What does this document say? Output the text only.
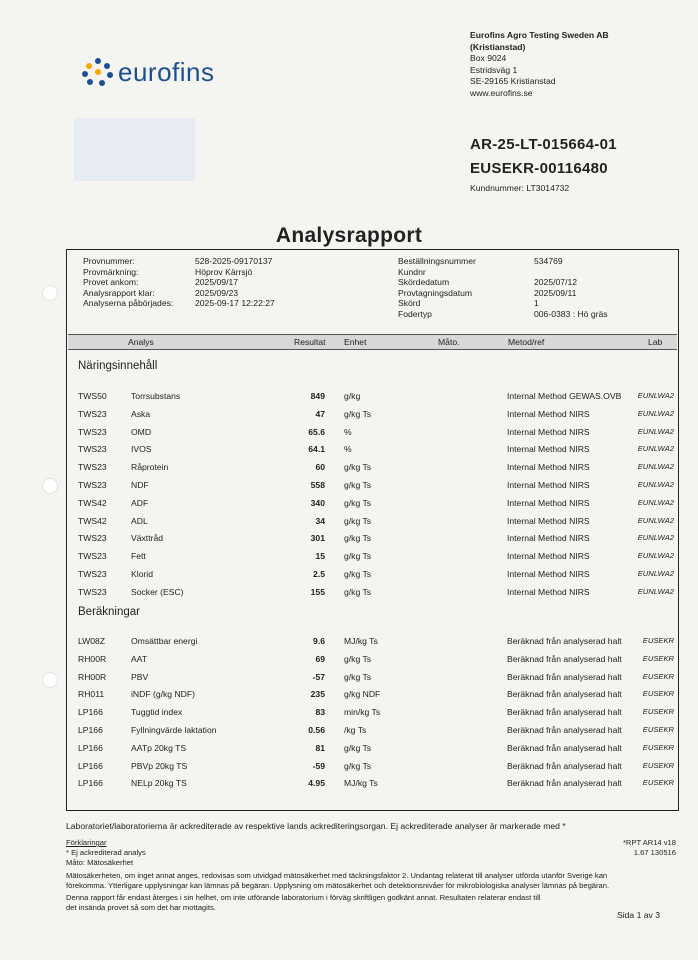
eurofins
Eurofins Agro Testing Sweden AB
(Kristianstad)
Box 9024
Estridsväg 1
SE-29165 Kristianstad
www.eurofins.se
AR-25-LT-015664-01
EUSEKR-00116480
Kundnummer: LT3014732
Analysrapport
Provnummer:	528-2025-09170137
Provmärkning:	Höprov Kärrsjö
Provet ankom:	2025/09/17
Analysrapport klar:	2025/09/23
Analyserna påbörjades:	2025-09-17 12:22:27
Beställningsnummer	534769
Kundnr
Skördedatum	2025/07/12
Provtagningsdatum	2025/09/11
Skörd	1
Fodertyp	006-0383 : Hö gräs
Analys	Resultat Enhet	Måto.	Metod/ref	Lab
Näringsinnehåll
TWS50	Torrsubstans	849 g/kg	Internal Method GEWAS.OVB	EUNLWA2
TWS23	Aska	47 g/kg Ts	Internal Method NIRS	EUNLWA2
TWS23	OMD	65.6 %	Internal Method NIRS	EUNLWA2
TWS23	IVOS	64.1 %	Internal Method NIRS	EUNLWA2
TWS23	Råprotein	60 g/kg Ts	Internal Method NIRS	EUNLWA2
TWS23	NDF	558 g/kg Ts	Internal Method NIRS	EUNLWA2
TWS42	ADF	340 g/kg Ts	Internal Method NIRS	EUNLWA2
TWS42	ADL	34 g/kg Ts	Internal Method NIRS	EUNLWA2
TWS23	Växttråd	301 g/kg Ts	Internal Method NIRS	EUNLWA2
TWS23	Fett	15 g/kg Ts	Internal Method NIRS	EUNLWA2
TWS23	Klorid	2.5 g/kg Ts	Internal Method NIRS	EUNLWA2
TWS23	Socker (ESC)	155 g/kg Ts	Internal Method NIRS	EUNLWA2
Beräkningar
LW08Z	Omsättbar energi	9.6 MJ/kg Ts	Beräknad från analyserad halt	EUSEKR
RH00R	AAT	69 g/kg Ts	Beräknad från analyserad halt	EUSEKR
RH00R	PBV	-57 g/kg Ts	Beräknad från analyserad halt	EUSEKR
RH011	iNDF (g/kg NDF)	235 g/kg NDF	Beräknad från analyserad halt	EUSEKR
LP166	Tuggtid index	83 min/kg Ts	Beräknad från analyserad halt	EUSEKR
LP166	Fyllningvärde laktation	0.56 /kg Ts	Beräknad från analyserad halt	EUSEKR
LP166	AATp 20kg TS	81 g/kg Ts	Beräknad från analyserad halt	EUSEKR
LP166	PBVp 20kg TS	-59 g/kg Ts	Beräknad från analyserad halt	EUSEKR
LP166	NELp 20kg TS	4.95 MJ/kg Ts	Beräknad från analyserad halt	EUSEKR
Laboratoriet/laboratorierna är ackrediterade av respektive lands ackrediteringsorgan. Ej ackrediterade analyser är markerade med *
Förklaringar
* Ej ackrediterad analys
Måto: Mätosäkerhet
*RPT AR14 v18
1.67 130516
Mätosäkerheten, om inget annat anges, redovisas som utvidgad mätosäkerhet med täckningsfaktor 2. Undantag relaterat till analyser utförda utanför Sverige kan
förekomma. Ytterligare upplysningar kan lämnas på begäran. Upplysning om mätosäkerhet och detektionsnivåer för mikrobiologiska analyser lämnas på begäran.
Denna rapport får endast återges i sin helhet, om inte utförande laboratorium i förväg skriftligen godkänt annat. Resultaten relaterar endast till
det insända provet så som det har mottagits.
Sida 1 av 3
